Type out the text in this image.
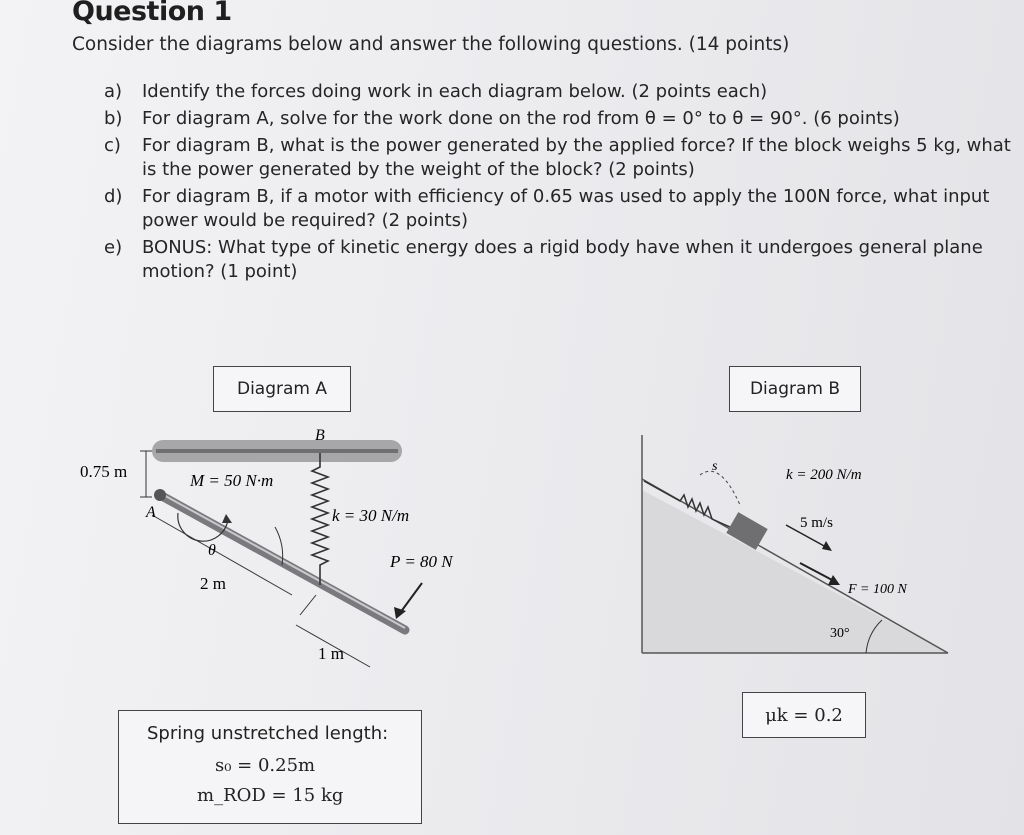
Question 1
Consider the diagrams below and answer the following questions. (14 points)
a) Identify the forces doing work in each diagram below. (2 points each)
b) For diagram A, solve for the work done on the rod from θ = 0° to θ = 90°. (6 points)
c) For diagram B, what is the power generated by the applied force? If the block weighs 5 kg, what is the power generated by the weight of the block? (2 points)
d) For diagram B, if a motor with efficiency of 0.65 was used to apply the 100N force, what input power would be required? (2 points)
e) BONUS: What type of kinetic energy does a rigid body have when it undergoes general plane motion? (1 point)
Diagram A	Diagram B
B
0.75 m	M = 50 N·m
A	k = 30 N/m
θ
P = 80 N
2 m
1 m
Spring unstretched length:
s₀ = 0.25m
m_ROD = 15 kg
s
k = 200 N/m
5 m/s
F = 100 N
30°
μk = 0.2
